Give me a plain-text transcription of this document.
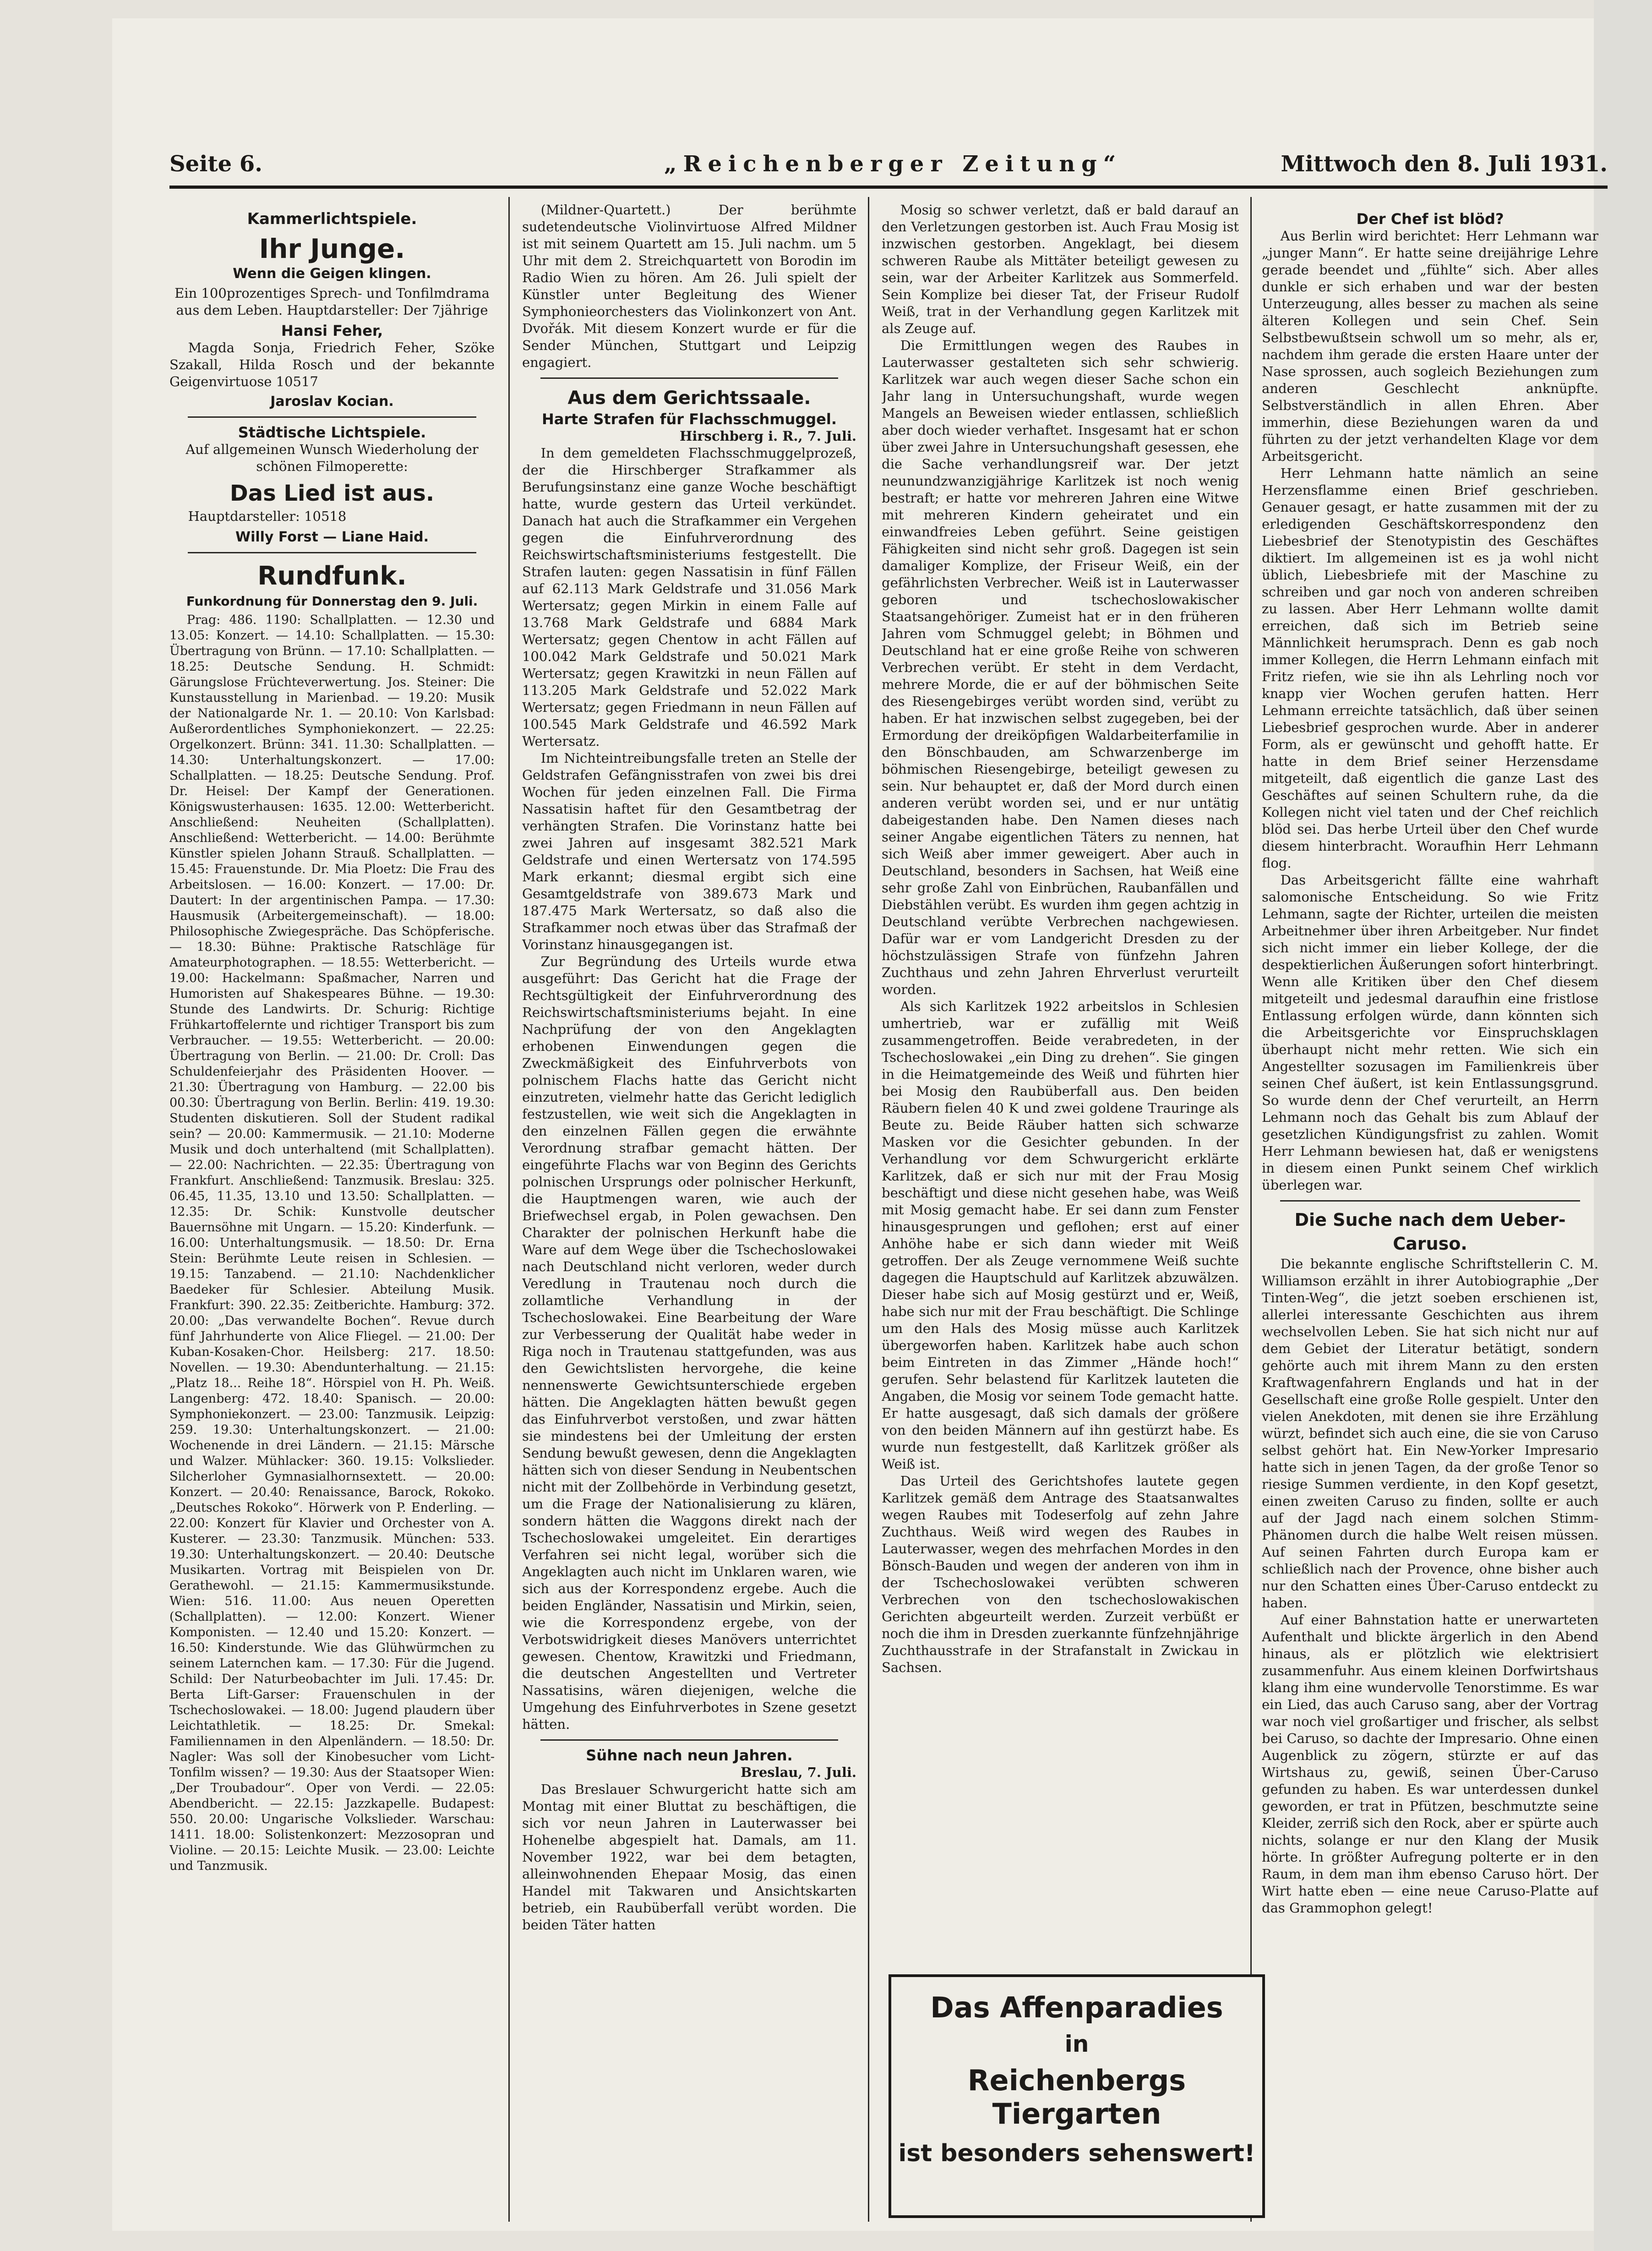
Seite 6.	„Reichenberger Zeitung“	Mittwoch den 8. Juli 1931.

Kammerlichtspiele.

Ihr Junge.

Wenn die Geigen klingen.

Ein 100prozentiges Sprech- und Tonfilmdrama aus dem Leben. Hauptdarsteller: Der 7jährige

Hansi Feher,

Magda Sonja, Friedrich Feher, Szöke Szakall, Hilda Rosch und der bekannte Geigenvirtuose 10517

Jaroslav Kocian.

Städtische Lichtspiele.

Auf allgemeinen Wunsch Wiederholung der schönen Filmoperette:

Das Lied ist aus.

Hauptdarsteller: 10518

Willy Forst — Liane Haid.

Rundfunk.

Funkordnung für Donnerstag den 9. Juli.

Prag: 486. 1190: Schallplatten. — 12.30 und 13.05: Konzert. — 14.10: Schallplatten. — 15.30: Übertragung von Brünn. — 17.10: Schallplatten. — 18.25: Deutsche Sendung. H. Schmidt: Gärungslose Früchteverwertung. Jos. Steiner: Die Kunstausstellung in Marienbad. — 19.20: Musik der Nationalgarde Nr. 1. — 20.10: Von Karlsbad: Außerordentliches Symphoniekonzert. — 22.25: Orgelkonzert. Brünn: 341. 11.30: Schallplatten. — 14.30: Unterhaltungskonzert. — 17.00: Schallplatten. — 18.25: Deutsche Sendung. Prof. Dr. Heisel: Der Kampf der Generationen. Königswusterhausen: 1635. 12.00: Wetterbericht. Anschließend: Neuheiten (Schallplatten). Anschließend: Wetterbericht. — 14.00: Berühmte Künstler spielen Johann Strauß. Schallplatten. — 15.45: Frauenstunde. Dr. Mia Ploetz: Die Frau des Arbeitslosen. — 16.00: Konzert. — 17.00: Dr. Dautert: In der argentinischen Pampa. — 17.30: Hausmusik (Arbeitergemeinschaft). — 18.00: Philosophische Zwiegespräche. Das Schöpferische. — 18.30: Bühne: Praktische Ratschläge für Amateurphotographen. — 18.55: Wetterbericht. — 19.00: Hackelmann: Spaßmacher, Narren und Humoristen auf Shakespeares Bühne. — 19.30: Stunde des Landwirts. Dr. Schurig: Richtige Frühkartoffelernte und richtiger Transport bis zum Verbraucher. — 19.55: Wetterbericht. — 20.00: Übertragung von Berlin. — 21.00: Dr. Croll: Das Schuldenfeierjahr des Präsidenten Hoover. — 21.30: Übertragung von Hamburg. — 22.00 bis 00.30: Übertragung von Berlin. Berlin: 419. 19.30: Studenten diskutieren. Soll der Student radikal sein? — 20.00: Kammermusik. — 21.10: Moderne Musik und doch unterhaltend (mit Schallplatten). — 22.00: Nachrichten. — 22.35: Übertragung von Frankfurt. Anschließend: Tanzmusik. Breslau: 325. 06.45, 11.35, 13.10 und 13.50: Schallplatten. — 12.35: Dr. Schik: Kunstvolle deutscher Bauernsöhne mit Ungarn. — 15.20: Kinderfunk. — 16.00: Unterhaltungsmusik. — 18.50: Dr. Erna Stein: Berühmte Leute reisen in Schlesien. — 19.15: Tanzabend. — 21.10: Nachdenklicher Baedeker für Schlesier. Abteilung Musik. Frankfurt: 390. 22.35: Zeitberichte. Hamburg: 372. 20.00: „Das verwandelte Bochen“. Revue durch fünf Jahrhunderte von Alice Fliegel. — 21.00: Der Kuban-Kosaken-Chor. Heilsberg: 217. 18.50: Novellen. — 19.30: Abendunterhaltung. — 21.15: „Platz 18... Reihe 18“. Hörspiel von H. Ph. Weiß. Langenberg: 472. 18.40: Spanisch. — 20.00: Symphoniekonzert. — 23.00: Tanzmusik. Leipzig: 259. 19.30: Unterhaltungskonzert. — 21.00: Wochenende in drei Ländern. — 21.15: Märsche und Walzer. Mühlacker: 360. 19.15: Volkslieder. Silcherloher Gymnasialhornsextett. — 20.00: Konzert. — 20.40: Renaissance, Barock, Rokoko. „Deutsches Rokoko“. Hörwerk von P. Enderling. — 22.00: Konzert für Klavier und Orchester von A. Kusterer. — 23.30: Tanzmusik. München: 533. 19.30: Unterhaltungskonzert. — 20.40: Deutsche Musikarten. Vortrag mit Beispielen von Dr. Gerathewohl. — 21.15: Kammermusikstunde. Wien: 516. 11.00: Aus neuen Operetten (Schallplatten). — 12.00: Konzert. Wiener Komponisten. — 12.40 und 15.20: Konzert. — 16.50: Kinderstunde. Wie das Glühwürmchen zu seinem Laternchen kam. — 17.30: Für die Jugend. Schild: Der Naturbeobachter im Juli. 17.45: Dr. Berta Lift-Garser: Frauenschulen in der Tschechoslowakei. — 18.00: Jugend plaudern über Leichtathletik. — 18.25: Dr. Smekal: Familiennamen in den Alpenländern. — 18.50: Dr. Nagler: Was soll der Kinobesucher vom Licht-Tonfilm wissen? — 19.30: Aus der Staatsoper Wien: „Der Troubadour“. Oper von Verdi. — 22.05: Abendbericht. — 22.15: Jazzkapelle. Budapest: 550. 20.00: Ungarische Volkslieder. Warschau: 1411. 18.00: Solistenkonzert: Mezzosopran und Violine. — 20.15: Leichte Musik. — 23.00: Leichte und Tanzmusik.

(Mildner-Quartett.) Der berühmte sudetendeutsche Violinvirtuose Alfred Mildner ist mit seinem Quartett am 15. Juli nachm. um 5 Uhr mit dem 2. Streichquartett von Borodin im Radio Wien zu hören. Am 26. Juli spielt der Künstler unter Begleitung des Wiener Symphonieorchesters das Violinkonzert von Ant. Dvořák. Mit diesem Konzert wurde er für die Sender München, Stuttgart und Leipzig engagiert.

Aus dem Gerichtssaale.

Harte Strafen für Flachsschmuggel.

Hirschberg i. R., 7. Juli.

In dem gemeldeten Flachsschmuggelprozeß, der die Hirschberger Strafkammer als Berufungsinstanz eine ganze Woche beschäftigt hatte, wurde gestern das Urteil verkündet. Danach hat auch die Strafkammer ein Vergehen gegen die Einfuhrverordnung des Reichswirtschaftsministeriums festgestellt. Die Strafen lauten: gegen Nassatisin in fünf Fällen auf 62.113 Mark Geldstrafe und 31.056 Mark Wertersatz; gegen Mirkin in einem Falle auf 13.768 Mark Geldstrafe und 6884 Mark Wertersatz; gegen Chentow in acht Fällen auf 100.042 Mark Geldstrafe und 50.021 Mark Wertersatz; gegen Krawitzki in neun Fällen auf 113.205 Mark Geldstrafe und 52.022 Mark Wertersatz; gegen Friedmann in neun Fällen auf 100.545 Mark Geldstrafe und 46.592 Mark Wertersatz.

Im Nichteintreibungsfalle treten an Stelle der Geldstrafen Gefängnisstrafen von zwei bis drei Wochen für jeden einzelnen Fall. Die Firma Nassatisin haftet für den Gesamtbetrag der verhängten Strafen. Die Vorinstanz hatte bei zwei Jahren auf insgesamt 382.521 Mark Geldstrafe und einen Wertersatz von 174.595 Mark erkannt; diesmal ergibt sich eine Gesamtgeldstrafe von 389.673 Mark und 187.475 Mark Wertersatz, so daß also die Strafkammer noch etwas über das Strafmaß der Vorinstanz hinausgegangen ist.

Zur Begründung des Urteils wurde etwa ausgeführt: Das Gericht hat die Frage der Rechtsgültigkeit der Einfuhrverordnung des Reichswirtschaftsministeriums bejaht. In eine Nachprüfung der von den Angeklagten erhobenen Einwendungen gegen die Zweckmäßigkeit des Einfuhrverbots von polnischem Flachs hatte das Gericht nicht einzutreten, vielmehr hatte das Gericht lediglich festzustellen, wie weit sich die Angeklagten in den einzelnen Fällen gegen die erwähnte Verordnung strafbar gemacht hätten. Der eingeführte Flachs war von Beginn des Gerichts polnischen Ursprungs oder polnischer Herkunft, die Hauptmengen waren, wie auch der Briefwechsel ergab, in Polen gewachsen. Den Charakter der polnischen Herkunft habe die Ware auf dem Wege über die Tschechoslowakei nach Deutschland nicht verloren, weder durch Veredlung in Trautenau noch durch die zollamtliche Verhandlung in der Tschechoslowakei. Eine Bearbeitung der Ware zur Verbesserung der Qualität habe weder in Riga noch in Trautenau stattgefunden, was aus den Gewichtslisten hervorgehe, die keine nennenswerte Gewichtsunterschiede ergeben hätten. Die Angeklagten hätten bewußt gegen das Einfuhrverbot verstoßen, und zwar hätten sie mindestens bei der Umleitung der ersten Sendung bewußt gewesen, denn die Angeklagten hätten sich von dieser Sendung in Neubentschen nicht mit der Zollbehörde in Verbindung gesetzt, um die Frage der Nationalisierung zu klären, sondern hätten die Waggons direkt nach der Tschechoslowakei umgeleitet. Ein derartiges Verfahren sei nicht legal, worüber sich die Angeklagten auch nicht im Unklaren waren, wie sich aus der Korrespondenz ergebe. Auch die beiden Engländer, Nassatisin und Mirkin, seien, wie die Korrespondenz ergebe, von der Verbotswidrigkeit dieses Manövers unterrichtet gewesen. Chentow, Krawitzki und Friedmann, die deutschen Angestellten und Vertreter Nassatisins, wären diejenigen, welche die Umgehung des Einfuhrverbotes in Szene gesetzt hätten.

Sühne nach neun Jahren.

Breslau, 7. Juli.

Das Breslauer Schwurgericht hatte sich am Montag mit einer Bluttat zu beschäftigen, die sich vor neun Jahren in Lauterwasser bei Hohenelbe abgespielt hat. Damals, am 11. November 1922, war bei dem betagten, alleinwohnenden Ehepaar Mosig, das einen Handel mit Takwaren und Ansichtskarten betrieb, ein Raubüberfall verübt worden. Die beiden Täter hatten

Mosig so schwer verletzt, daß er bald darauf an den Verletzungen gestorben ist. Auch Frau Mosig ist inzwischen gestorben. Angeklagt, bei diesem schweren Raube als Mittäter beteiligt gewesen zu sein, war der Arbeiter Karlitzek aus Sommerfeld. Sein Komplize bei dieser Tat, der Friseur Rudolf Weiß, trat in der Verhandlung gegen Karlitzek mit als Zeuge auf.

Die Ermittlungen wegen des Raubes in Lauterwasser gestalteten sich sehr schwierig. Karlitzek war auch wegen dieser Sache schon ein Jahr lang in Untersuchungshaft, wurde wegen Mangels an Beweisen wieder entlassen, schließlich aber doch wieder verhaftet. Insgesamt hat er schon über zwei Jahre in Untersuchungshaft gesessen, ehe die Sache verhandlungsreif war. Der jetzt neunundzwanzigjährige Karlitzek ist noch wenig bestraft; er hatte vor mehreren Jahren eine Witwe mit mehreren Kindern geheiratet und ein einwandfreies Leben geführt. Seine geistigen Fähigkeiten sind nicht sehr groß. Dagegen ist sein damaliger Komplize, der Friseur Weiß, ein der gefährlichsten Verbrecher. Weiß ist in Lauterwasser geboren und tschechoslowakischer Staatsangehöriger. Zumeist hat er in den früheren Jahren vom Schmuggel gelebt; in Böhmen und Deutschland hat er eine große Reihe von schweren Verbrechen verübt. Er steht in dem Verdacht, mehrere Morde, die er auf der böhmischen Seite des Riesengebirges verübt worden sind, verübt zu haben. Er hat inzwischen selbst zugegeben, bei der Ermordung der dreiköpfigen Waldarbeiterfamilie in den Bönschbauden, am Schwarzenberge im böhmischen Riesengebirge, beteiligt gewesen zu sein. Nur behauptet er, daß der Mord durch einen anderen verübt worden sei, und er nur untätig dabeigestanden habe. Den Namen dieses nach seiner Angabe eigentlichen Täters zu nennen, hat sich Weiß aber immer geweigert. Aber auch in Deutschland, besonders in Sachsen, hat Weiß eine sehr große Zahl von Einbrüchen, Raubanfällen und Diebstählen verübt. Es wurden ihm gegen achtzig in Deutschland verübte Verbrechen nachgewiesen. Dafür war er vom Landgericht Dresden zu der höchstzulässigen Strafe von fünfzehn Jahren Zuchthaus und zehn Jahren Ehrverlust verurteilt worden.

Als sich Karlitzek 1922 arbeitslos in Schlesien umhertrieb, war er zufällig mit Weiß zusammengetroffen. Beide verabredeten, in der Tschechoslowakei „ein Ding zu drehen“. Sie gingen in die Heimatgemeinde des Weiß und führten hier bei Mosig den Raubüberfall aus. Den beiden Räubern fielen 40 K und zwei goldene Trauringe als Beute zu. Beide Räuber hatten sich schwarze Masken vor die Gesichter gebunden. In der Verhandlung vor dem Schwurgericht erklärte Karlitzek, daß er sich nur mit der Frau Mosig beschäftigt und diese nicht gesehen habe, was Weiß mit Mosig gemacht habe. Er sei dann zum Fenster hinausgesprungen und geflohen; erst auf einer Anhöhe habe er sich dann wieder mit Weiß getroffen. Der als Zeuge vernommene Weiß suchte dagegen die Hauptschuld auf Karlitzek abzuwälzen. Dieser habe sich auf Mosig gestürzt und er, Weiß, habe sich nur mit der Frau beschäftigt. Die Schlinge um den Hals des Mosig müsse auch Karlitzek übergeworfen haben. Karlitzek habe auch schon beim Eintreten in das Zimmer „Hände hoch!“ gerufen. Sehr belastend für Karlitzek lauteten die Angaben, die Mosig vor seinem Tode gemacht hatte. Er hatte ausgesagt, daß sich damals der größere von den beiden Männern auf ihn gestürzt habe. Es wurde nun festgestellt, daß Karlitzek größer als Weiß ist.

Das Urteil des Gerichtshofes lautete gegen Karlitzek gemäß dem Antrage des Staatsanwaltes wegen Raubes mit Todeserfolg auf zehn Jahre Zuchthaus. Weiß wird wegen des Raubes in Lauterwasser, wegen des mehrfachen Mordes in den Bönsch-Bauden und wegen der anderen von ihm in der Tschechoslowakei verübten schweren Verbrechen von den tschechoslowakischen Gerichten abgeurteilt werden. Zurzeit verbüßt er noch die ihm in Dresden zuerkannte fünfzehnjährige Zuchthausstrafe in der Strafanstalt in Zwickau in Sachsen.

Das Affenparadies
in
Reichenbergs Tiergarten
ist besonders sehenswert!

Der Chef ist blöd?

Aus Berlin wird berichtet: Herr Lehmann war „junger Mann“. Er hatte seine dreijährige Lehre gerade beendet und „fühlte“ sich. Aber alles dunkle er sich erhaben und war der besten Unterzeugung, alles besser zu machen als seine älteren Kollegen und sein Chef. Sein Selbstbewußtsein schwoll um so mehr, als er, nachdem ihm gerade die ersten Haare unter der Nase sprossen, auch sogleich Beziehungen zum anderen Geschlecht anknüpfte. Selbstverständlich in allen Ehren. Aber immerhin, diese Beziehungen waren da und führten zu der jetzt verhandelten Klage vor dem Arbeitsgericht.

Herr Lehmann hatte nämlich an seine Herzensflamme einen Brief geschrieben. Genauer gesagt, er hatte zusammen mit der zu erledigenden Geschäftskorrespondenz den Liebesbrief der Stenotypistin des Geschäftes diktiert. Im allgemeinen ist es ja wohl nicht üblich, Liebesbriefe mit der Maschine zu schreiben und gar noch von anderen schreiben zu lassen. Aber Herr Lehmann wollte damit erreichen, daß sich im Betrieb seine Männlichkeit herumsprach. Denn es gab noch immer Kollegen, die Herrn Lehmann einfach mit Fritz riefen, wie sie ihn als Lehrling noch vor knapp vier Wochen gerufen hatten. Herr Lehmann erreichte tatsächlich, daß über seinen Liebesbrief gesprochen wurde. Aber in anderer Form, als er gewünscht und gehofft hatte. Er hatte in dem Brief seiner Herzensdame mitgeteilt, daß eigentlich die ganze Last des Geschäftes auf seinen Schultern ruhe, da die Kollegen nicht viel taten und der Chef reichlich blöd sei. Das herbe Urteil über den Chef wurde diesem hinterbracht. Woraufhin Herr Lehmann flog.

Das Arbeitsgericht fällte eine wahrhaft salomonische Entscheidung. So wie Fritz Lehmann, sagte der Richter, urteilen die meisten Arbeitnehmer über ihren Arbeitgeber. Nur findet sich nicht immer ein lieber Kollege, der die despektierlichen Äußerungen sofort hinterbringt. Wenn alle Kritiken über den Chef diesem mitgeteilt und jedesmal daraufhin eine fristlose Entlassung erfolgen würde, dann könnten sich die Arbeitsgerichte vor Einspruchsklagen überhaupt nicht mehr retten. Wie sich ein Angestellter sozusagen im Familienkreis über seinen Chef äußert, ist kein Entlassungsgrund. So wurde denn der Chef verurteilt, an Herrn Lehmann noch das Gehalt bis zum Ablauf der gesetzlichen Kündigungsfrist zu zahlen. Womit Herr Lehmann bewiesen hat, daß er wenigstens in diesem einen Punkt seinem Chef wirklich überlegen war.

Die Suche nach dem Ueber-Caruso.

Die bekannte englische Schriftstellerin C. M. Williamson erzählt in ihrer Autobiographie „Der Tinten-Weg“, die jetzt soeben erschienen ist, allerlei interessante Geschichten aus ihrem wechselvollen Leben. Sie hat sich nicht nur auf dem Gebiet der Literatur betätigt, sondern gehörte auch mit ihrem Mann zu den ersten Kraftwagenfahrern Englands und hat in der Gesellschaft eine große Rolle gespielt. Unter den vielen Anekdoten, mit denen sie ihre Erzählung würzt, befindet sich auch eine, die sie von Caruso selbst gehört hat. Ein New-Yorker Impresario hatte sich in jenen Tagen, da der große Tenor so riesige Summen verdiente, in den Kopf gesetzt, einen zweiten Caruso zu finden, sollte er auch auf der Jagd nach einem solchen Stimm-Phänomen durch die halbe Welt reisen müssen. Auf seinen Fahrten durch Europa kam er schließlich nach der Provence, ohne bisher auch nur den Schatten eines Über-Caruso entdeckt zu haben.

Auf einer Bahnstation hatte er unerwarteten Aufenthalt und blickte ärgerlich in den Abend hinaus, als er plötzlich wie elektrisiert zusammenfuhr. Aus einem kleinen Dorfwirtshaus klang ihm eine wundervolle Tenorstimme. Es war ein Lied, das auch Caruso sang, aber der Vortrag war noch viel großartiger und frischer, als selbst bei Caruso, so dachte der Impresario. Ohne einen Augenblick zu zögern, stürzte er auf das Wirtshaus zu, gewiß, seinen Über-Caruso gefunden zu haben. Es war unterdessen dunkel geworden, er trat in Pfützen, beschmutzte seine Kleider, zerriß sich den Rock, aber er spürte auch nichts, solange er nur den Klang der Musik hörte. In größter Aufregung polterte er in den Raum, in dem man ihm ebenso Caruso hört. Der Wirt hatte eben — eine neue Caruso-Platte auf das Grammophon gelegt!
